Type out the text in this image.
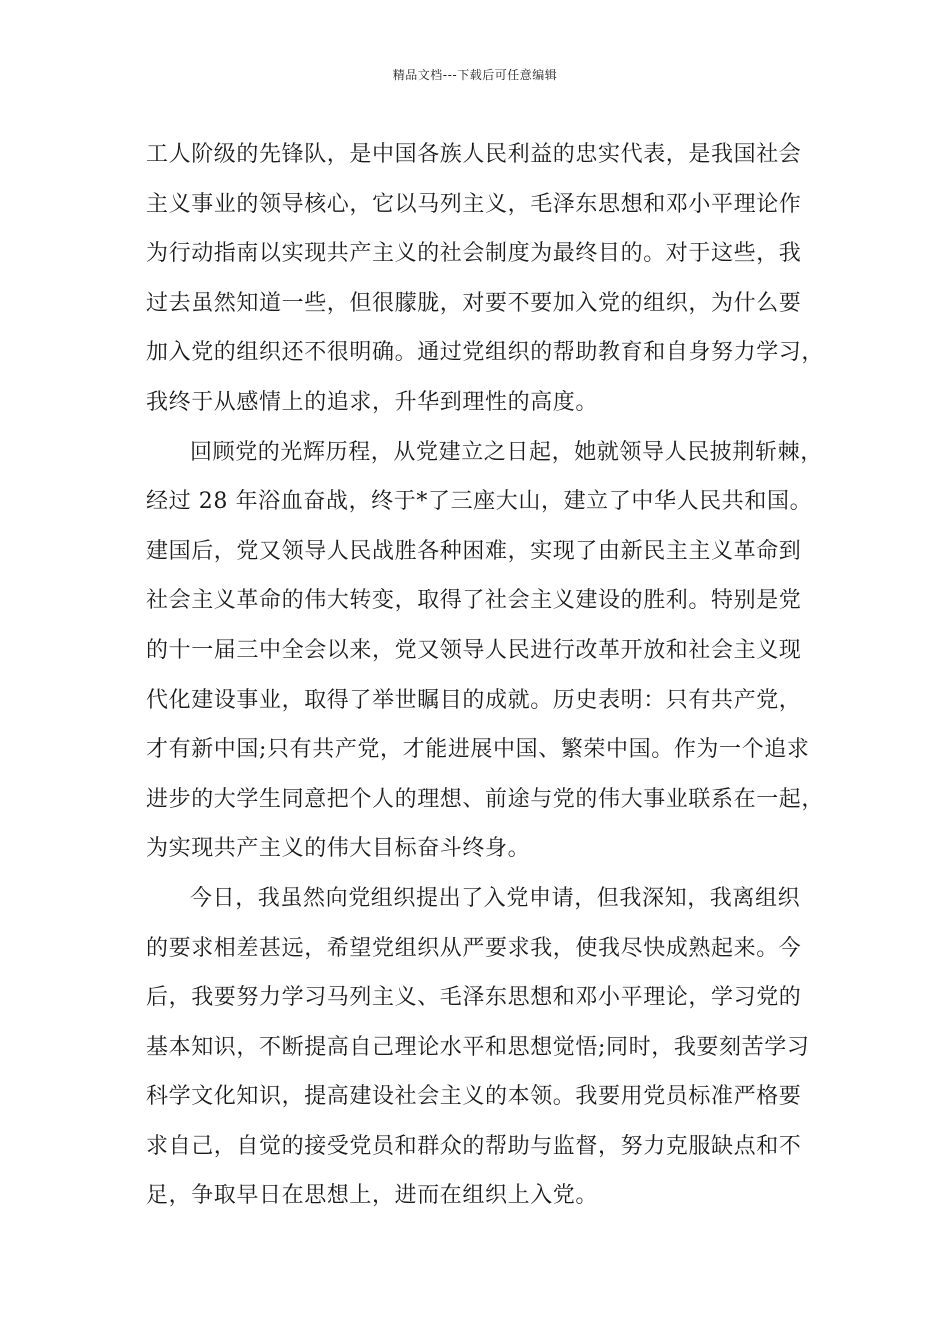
精品文档---下载后可任意编辑
工人阶级的先锋队，是中国各族人民利益的忠实代表，是我国社会
主义事业的领导核心，它以马列主义，毛泽东思想和邓小平理论作
为行动指南以实现共产主义的社会制度为最终目的。对于这些，我
过去虽然知道一些，但很朦胧，对要不要加入党的组织，为什么要
加入党的组织还不很明确。通过党组织的帮助教育和自身努力学习，
我终于从感情上的追求，升华到理性的高度。
回顾党的光辉历程，从党建立之日起，她就领导人民披荆斩棘，
经过 28 年浴血奋战，终于*了三座大山，建立了中华人民共和国。
建国后，党又领导人民战胜各种困难，实现了由新民主主义革命到
社会主义革命的伟大转变，取得了社会主义建设的胜利。特别是党
的十一届三中全会以来，党又领导人民进行改革开放和社会主义现
代化建设事业，取得了举世瞩目的成就。历史表明：只有共产党，
才有新中国;只有共产党，才能进展中国、繁荣中国。作为一个追求
进步的大学生同意把个人的理想、前途与党的伟大事业联系在一起，
为实现共产主义的伟大目标奋斗终身。
今日，我虽然向党组织提出了入党申请，但我深知，我离组织
的要求相差甚远，希望党组织从严要求我，使我尽快成熟起来。今
后，我要努力学习马列主义、毛泽东思想和邓小平理论，学习党的
基本知识，不断提高自己理论水平和思想觉悟;同时，我要刻苦学习
科学文化知识，提高建设社会主义的本领。我要用党员标准严格要
求自己，自觉的接受党员和群众的帮助与监督，努力克服缺点和不
足，争取早日在思想上，进而在组织上入党。
